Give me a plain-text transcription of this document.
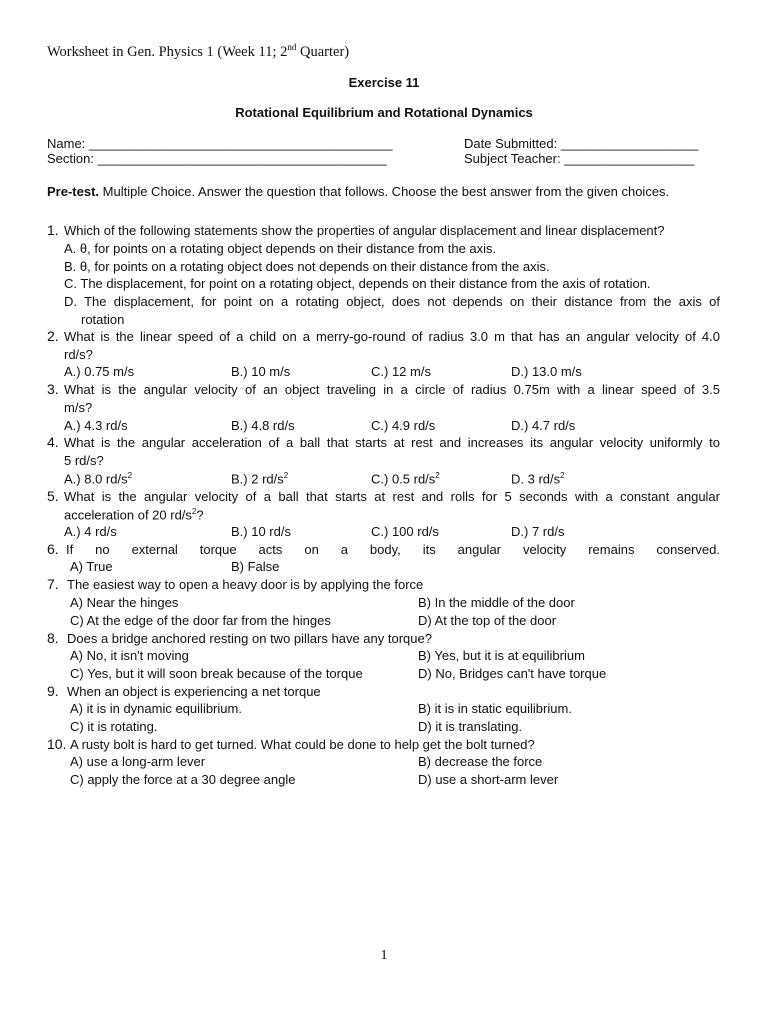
Worksheet in Gen. Physics 1 (Week 11; 2nd Quarter)
Exercise 11
Rotational Equilibrium and Rotational Dynamics
Name: __________________________________________	Date Submitted: ___________________
Section: ________________________________________	Subject Teacher: __________________
Pre-test. Multiple Choice. Answer the question that follows. Choose the best answer from the given choices.
1. Which of the following statements show the properties of angular displacement and linear displacement?
A. θ, for points on a rotating object depends on their distance from the axis.
B. θ, for points on a rotating object does not depends on their distance from the axis.
C. The displacement, for point on a rotating object, depends on their distance from the axis of rotation.
D. The displacement, for point on a rotating object, does not depends on their distance from the axis of
rotation
2. What is the linear speed of a child on a merry-go-round of radius 3.0 m that has an angular velocity of 4.0
rd/s?
A.) 0.75 m/s	B.) 10 m/s	C.) 12 m/s	D.) 13.0 m/s
3. What is the angular velocity of an object traveling in a circle of radius 0.75m with a linear speed of 3.5
m/s?
A.) 4.3 rd/s	B.) 4.8 rd/s	C.) 4.9 rd/s	D.) 4.7 rd/s
4. What is the angular acceleration of a ball that starts at rest and increases its angular velocity uniformly to
5 rd/s?
A.) 8.0 $rd/s^2$	B.) 2 $rd/s^2$	C.) 0.5 $rd/s^2$	D. 3 $rd/s^2$
5. What is the angular velocity of a ball that starts at rest and rolls for 5 seconds with a constant angular
acceleration of 20 $rd/s^2$?
A.) 4 rd/s	B.) 10 rd/s	C.) 100 rd/s	D.) 7 rd/s
6. If no external torque acts on a body, its angular velocity remains conserved.
A) True	B) False
7. The easiest way to open a heavy door is by applying the force
A) Near the hinges	B) In the middle of the door
C) At the edge of the door far from the hinges	D) At the top of the door
8. Does a bridge anchored resting on two pillars have any torque?
A) No, it isn't moving	B) Yes, but it is at equilibrium
C) Yes, but it will soon break because of the torque	D) No, Bridges can't have torque
9. When an object is experiencing a net torque
A) it is in dynamic equilibrium.	B) it is in static equilibrium.
C) it is rotating.	D) it is translating.
10. A rusty bolt is hard to get turned. What could be done to help get the bolt turned?
A) use a long-arm lever	B) decrease the force
C) apply the force at a 30 degree angle	D) use a short-arm lever
1
